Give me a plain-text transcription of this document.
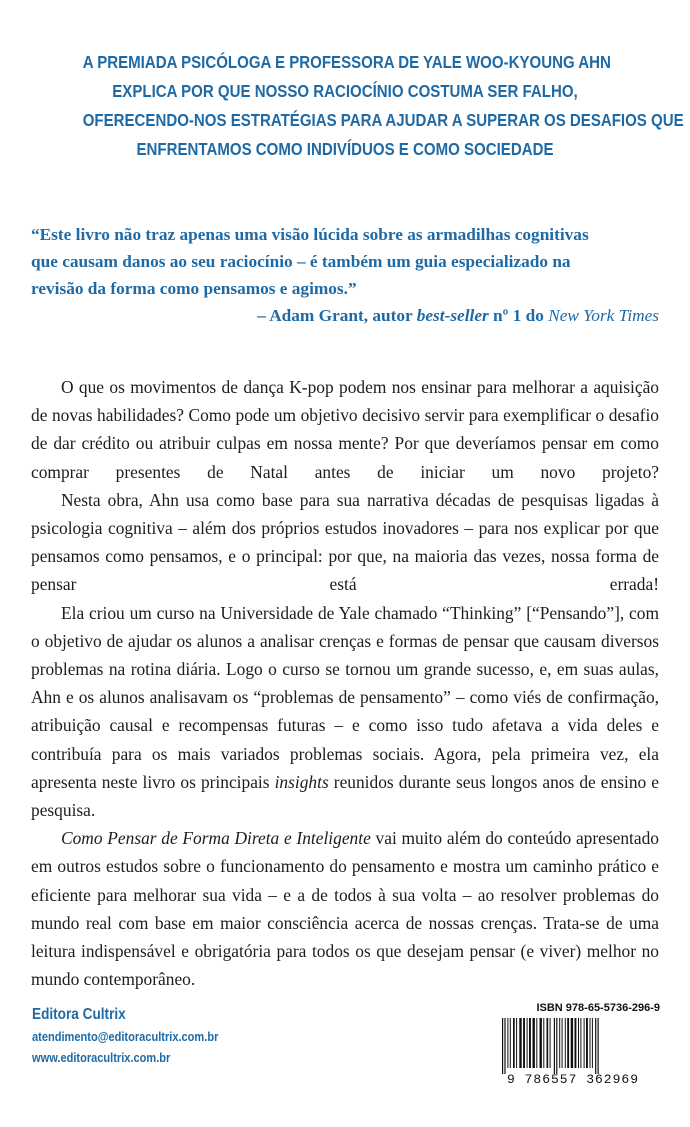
A PREMIADA PSICÓLOGA E PROFESSORA DE YALE WOO-KYOUNG AHN
EXPLICA POR QUE NOSSO RACIOCÍNIO COSTUMA SER FALHO,
OFERECENDO-NOS ESTRATÉGIAS PARA AJUDAR A SUPERAR OS DESAFIOS QUE
ENFRENTAMOS COMO INDIVÍDUOS E COMO SOCIEDADE
“Este livro não traz apenas uma visão lúcida sobre as armadilhas cognitivas
que causam danos ao seu raciocínio – é também um guia especializado na
revisão da forma como pensamos e agimos.”
– Adam Grant, autor best-seller nº 1 do New York Times

O que os movimentos de dança K-pop podem nos ensinar para melhorar a aquisição de novas habilidades? Como pode um objetivo decisivo servir para exemplificar o desafio de dar crédito ou atribuir culpas em nossa mente? Por que deveríamos pensar em como comprar presentes de Natal antes de iniciar um novo projeto?

Nesta obra, Ahn usa como base para sua narrativa décadas de pesquisas ligadas à psicologia cognitiva – além dos próprios estudos inovadores – para nos explicar por que pensamos como pensamos, e o principal: por que, na maioria das vezes, nossa forma de pensar está errada!

Ela criou um curso na Universidade de Yale chamado “Thinking” [“Pensando”], com o objetivo de ajudar os alunos a analisar crenças e formas de pensar que causam diversos problemas na rotina diária. Logo o curso se tornou um grande sucesso, e, em suas aulas, Ahn e os alunos analisavam os “problemas de pensamento” – como viés de confirmação, atribuição causal e recompensas futuras – e como isso tudo afetava a vida deles e contribuía para os mais variados problemas sociais. Agora, pela primeira vez, ela apresenta neste livro os principais insights reunidos durante seus longos anos de ensino e pesquisa.

Como Pensar de Forma Direta e Inteligente vai muito além do conteúdo apresentado em outros estudos sobre o funcionamento do pensamento e mostra um caminho prático e eficiente para melhorar sua vida – e a de todos à sua volta – ao resolver problemas do mundo real com base em maior consciência acerca de nossas crenças. Trata-se de uma leitura indispensável e obrigatória para todos os que desejam pensar (e viver) melhor no mundo contemporâneo.

Editora Cultrix
atendimento@editoracultrix.com.br
www.editoracultrix.com.br
ISBN 978-65-5736-296-9
9 786557 362969
